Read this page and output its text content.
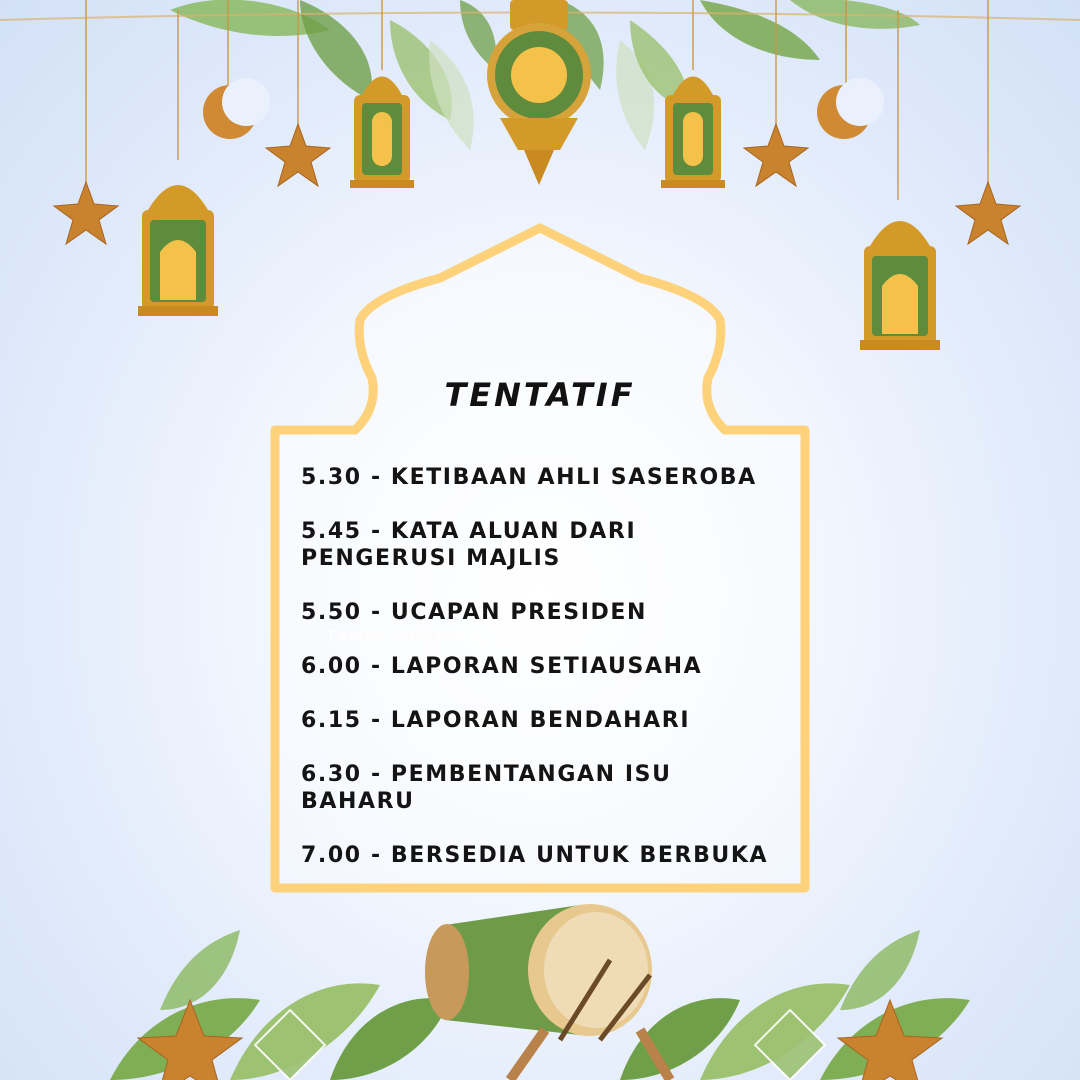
TENTATIF
TAMAN IBU KOTA, GOMBAK
5.30 - KETIBAAN AHLI SASEROBA
5.45 - KATA ALUAN DARI
PENGERUSI MAJLIS
5.50 - UCAPAN PRESIDEN
6.00 - LAPORAN SETIAUSAHA
6.15 - LAPORAN BENDAHARI
6.30 - PEMBENTANGAN ISU
BAHARU
7.00 - BERSEDIA UNTUK BERBUKA
